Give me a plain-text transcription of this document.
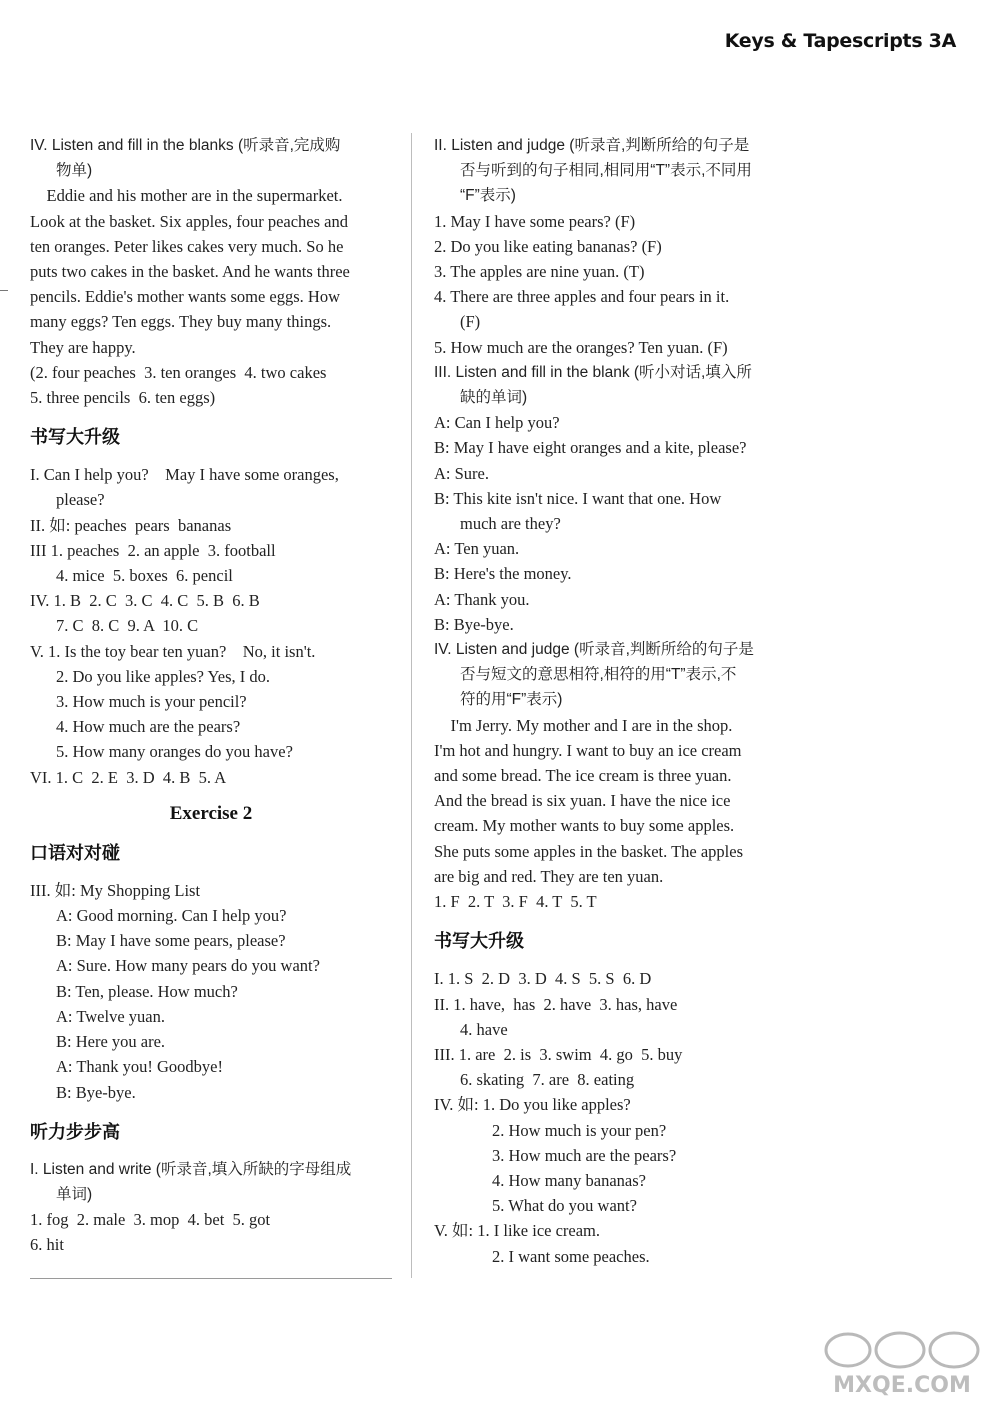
Keys & Tapescripts 3A
IV. Listen and fill in the blanks (听录音,完成购
物单)
Eddie and his mother are in the supermarket.
Look at the basket. Six apples, four peaches and
ten oranges. Peter likes cakes very much. So he
puts two cakes in the basket. And he wants three
pencils. Eddie's mother wants some eggs. How
many eggs? Ten eggs. They buy many things.
They are happy.
(2. four peaches  3. ten oranges  4. two cakes
5. three pencils  6. ten eggs)
书写大升级
I. Can I help you?    May I have some oranges,
please?
II. 如: peaches  pears  bananas
III 1. peaches  2. an apple  3. football
4. mice  5. boxes  6. pencil
IV. 1. B  2. C  3. C  4. C  5. B  6. B
7. C  8. C  9. A  10. C
V. 1. Is the toy bear ten yuan?    No, it isn't.
2. Do you like apples? Yes, I do.
3. How much is your pencil?
4. How much are the pears?
5. How many oranges do you have?
VI. 1. C  2. E  3. D  4. B  5. A
Exercise 2
口语对对碰
III. 如: My Shopping List
A: Good morning. Can I help you?
B: May I have some pears, please?
A: Sure. How many pears do you want?
B: Ten, please. How much?
A: Twelve yuan.
B: Here you are.
A: Thank you! Goodbye!
B: Bye-bye.
听力步步高
I. Listen and write (听录音,填入所缺的字母组成
单词)
1. fog  2. male  3. mop  4. bet  5. got
6. hit
II. Listen and judge (听录音,判断所给的句子是
否与听到的句子相同,相同用“T”表示,不同用
“F”表示)
1. May I have some pears? (F)
2. Do you like eating bananas? (F)
3. The apples are nine yuan. (T)
4. There are three apples and four pears in it.
(F)
5. How much are the oranges? Ten yuan. (F)
III. Listen and fill in the blank (听小对话,填入所
缺的单词)
A: Can I help you?
B: May I have eight oranges and a kite, please?
A: Sure.
B: This kite isn't nice. I want that one. How
much are they?
A: Ten yuan.
B: Here's the money.
A: Thank you.
B: Bye-bye.
IV. Listen and judge (听录音,判断所给的句子是
否与短文的意思相符,相符的用“T”表示,不
符的用“F”表示)
I'm Jerry. My mother and I are in the shop.
I'm hot and hungry. I want to buy an ice cream
and some bread. The ice cream is three yuan.
And the bread is six yuan. I have the nice ice
cream. My mother wants to buy some apples.
She puts some apples in the basket. The apples
are big and red. They are ten yuan.
1. F  2. T  3. F  4. T  5. T
书写大升级
I. 1. S  2. D  3. D  4. S  5. S  6. D
II. 1. have,  has  2. have  3. has, have
4. have
III. 1. are  2. is  3. swim  4. go  5. buy
6. skating  7. are  8. eating
IV. 如: 1. Do you like apples?
2. How much is your pen?
3. How much are the pears?
4. How many bananas?
5. What do you want?
V. 如: 1. I like ice cream.
2. I want some peaches.
MXQE.COM
